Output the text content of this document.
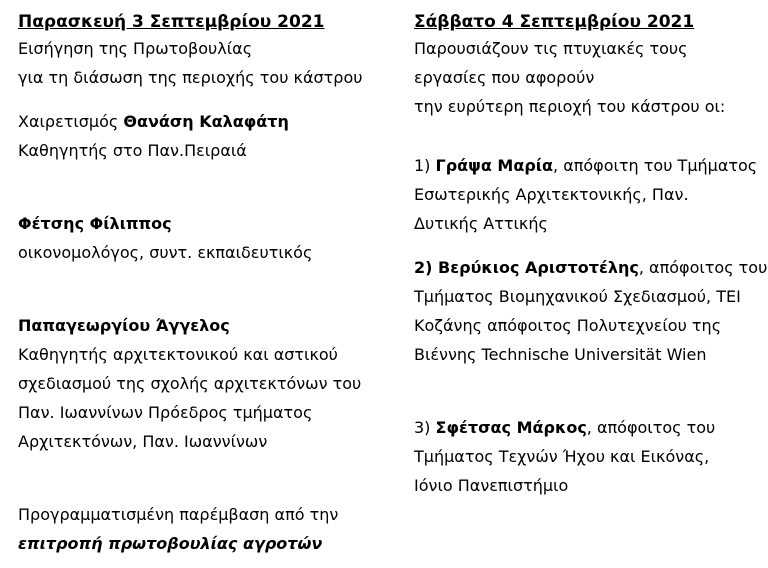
Παρασκευή 3 Σεπτεμβρίου 2021
Εισήγηση της Πρωτοβουλίας
για τη διάσωση της περιοχής του κάστρου
Χαιρετισμός Θανάση Καλαφάτη
Καθηγητής στο Παν.Πειραιά
Φέτσης Φίλιππος
οικονομολόγος, συντ. εκπαιδευτικός
Παπαγεωργίου Άγγελος
Καθηγητής αρχιτεκτονικού και αστικού
σχεδιασμού της σχολής αρχιτεκτόνων του
Παν. Ιωαννίνων Πρόεδρος τμήματος
Αρχιτεκτόνων, Παν. Ιωαννίνων
Προγραμματισμένη παρέμβαση από την
επιτροπή πρωτοβουλίας αγροτών
Σάββατο 4 Σεπτεμβρίου 2021
Παρουσιάζουν τις πτυχιακές τους
εργασίες που αφορούν
την ευρύτερη περιοχή του κάστρου οι:
1) Γράψα Μαρία, απόφοιτη του Τμήματος
Εσωτερικής Αρχιτεκτονικής, Παν.
Δυτικής Αττικής
2) Βερύκιος Αριστοτέλης, απόφοιτος του
Τμήματος Βιομηχανικού Σχεδιασμού, ΤΕΙ
Κοζάνης απόφοιτος Πολυτεχνείου της
Βιέννης Technische Universität Wien
3) Σφέτσας Μάρκος, απόφοιτος του
Τμήματος Τεχνών Ήχου και Εικόνας,
Ιόνιο Πανεπιστήμιο
